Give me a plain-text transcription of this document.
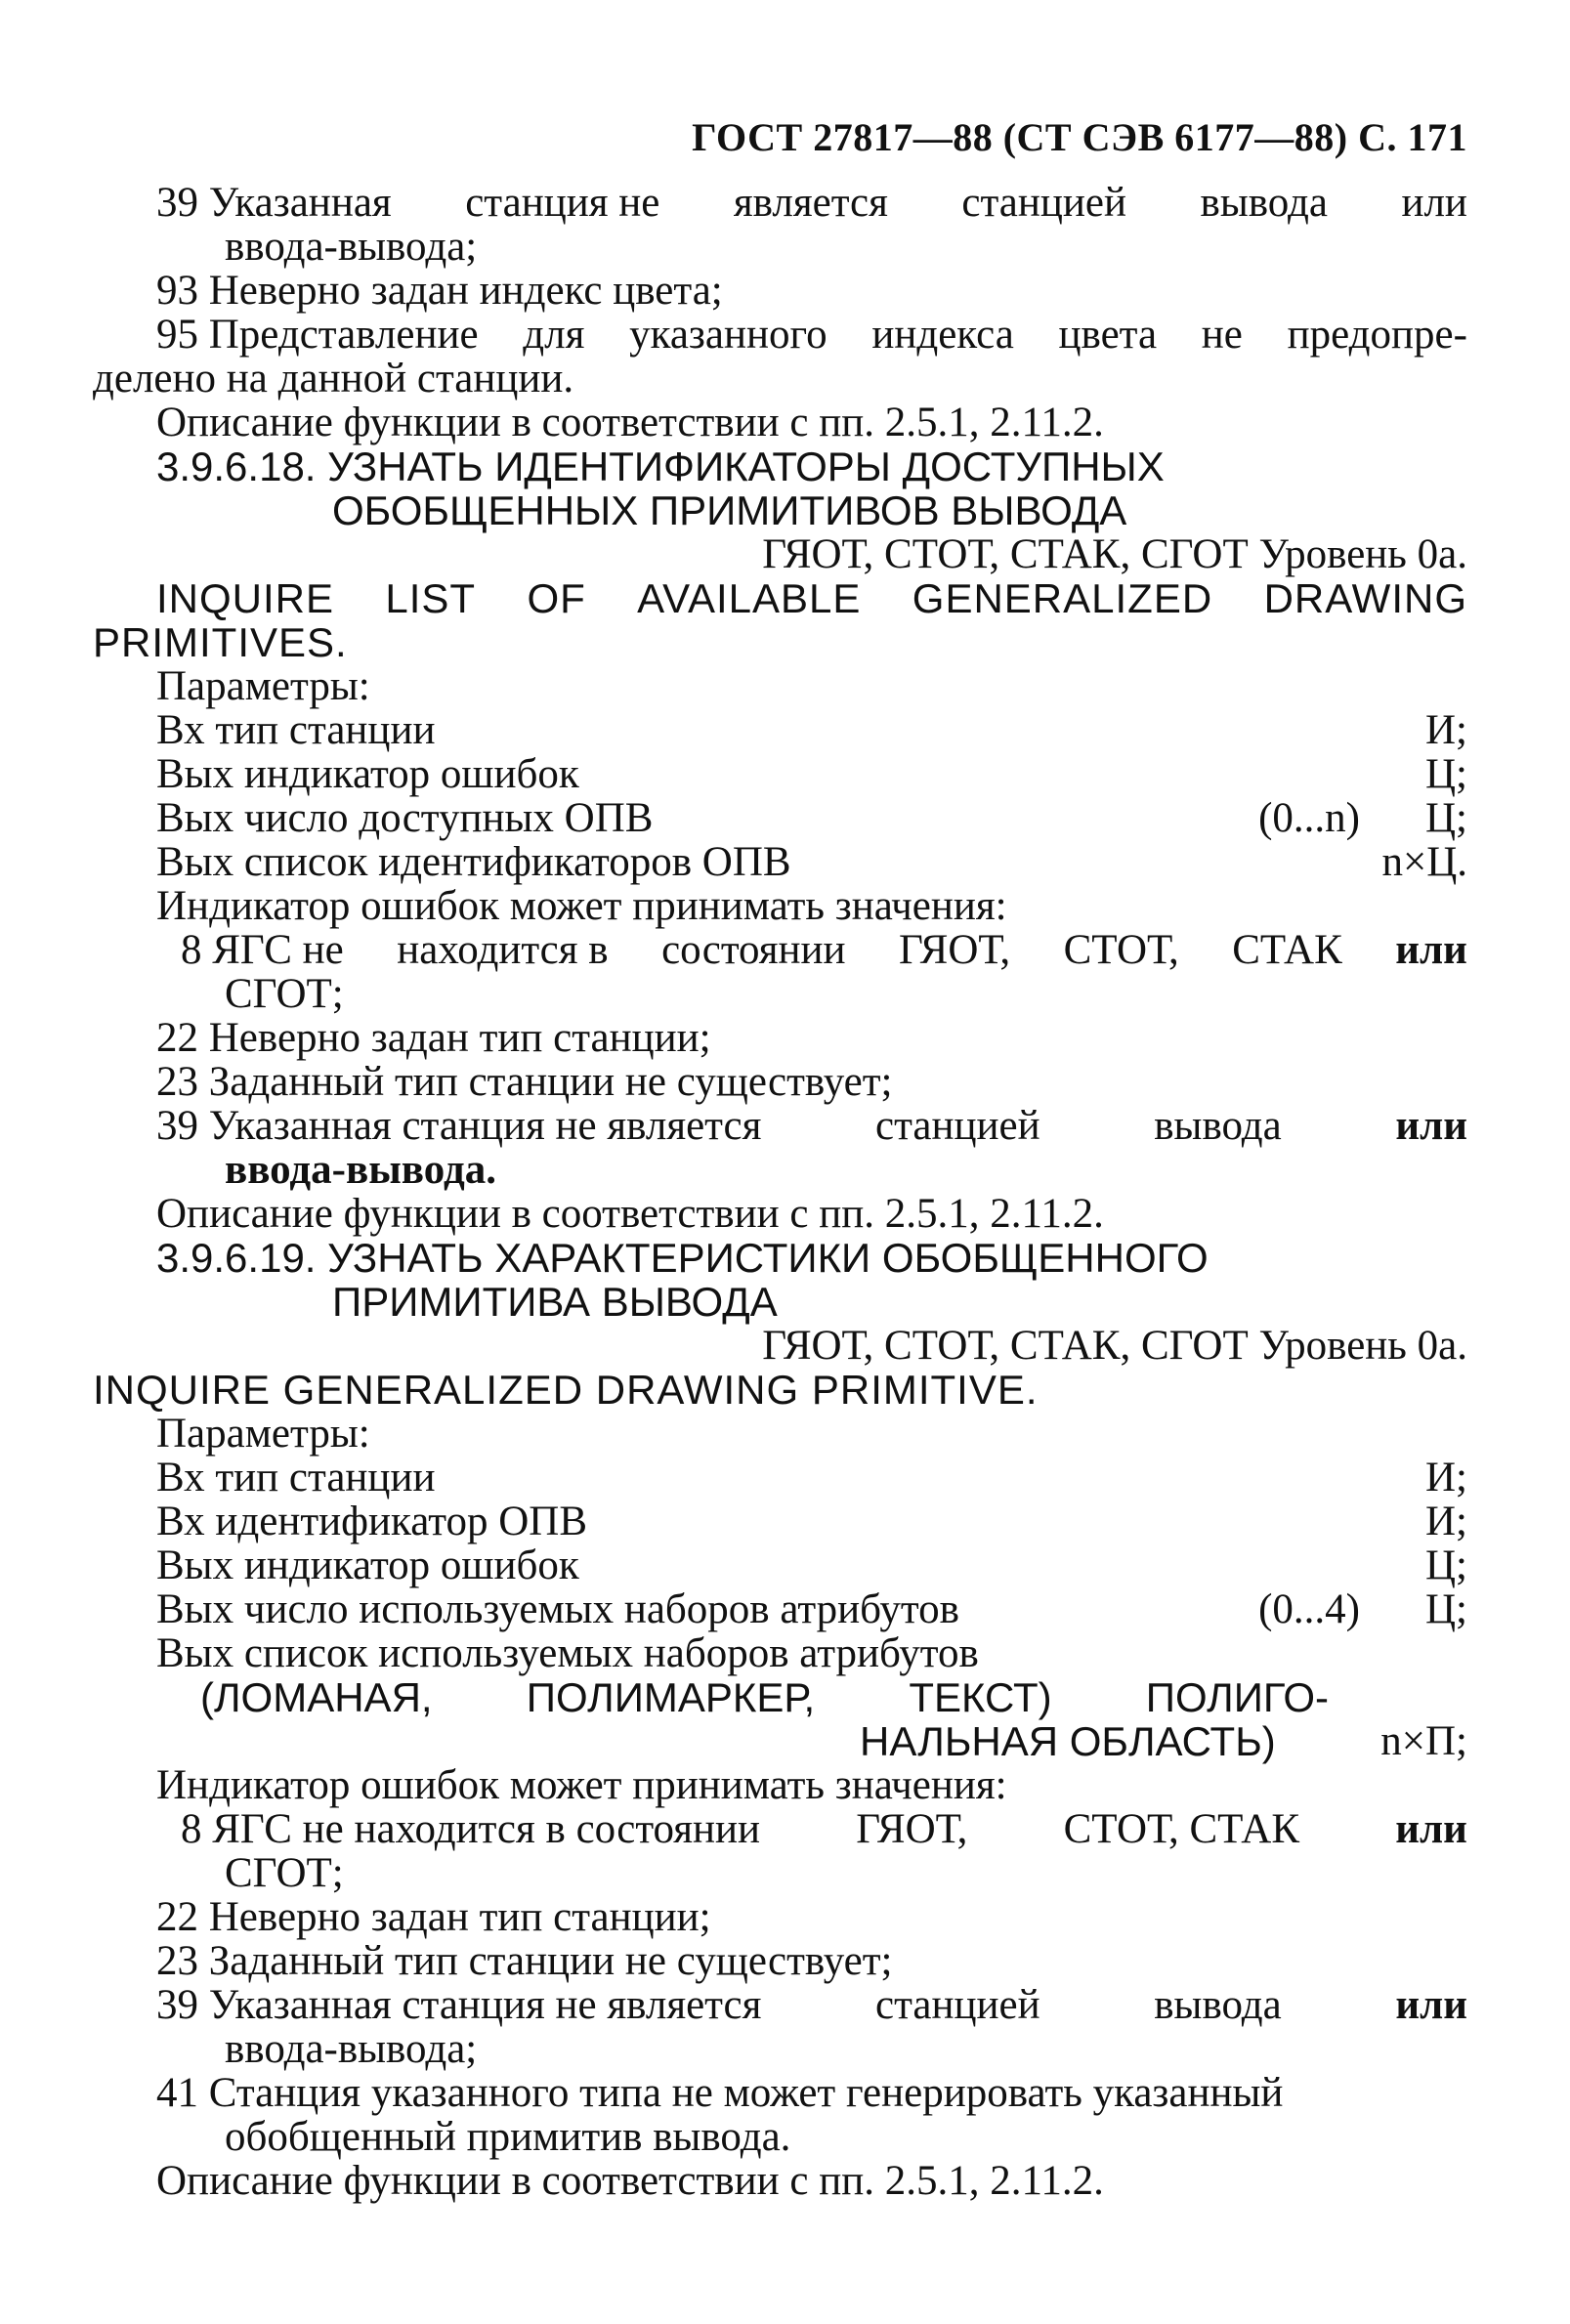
ГОСТ 27817—88 (СТ СЭВ 6177—88) С. 171
39 Указанная станция не является станцией вывода или
ввода-вывода;
93 Неверно задан индекс цвета;
95 Представление для указанного индекса цвета не предопре-
делено на данной станции.
Описание функции в соответствии с пп. 2.5.1, 2.11.2.
3.9.6.18. УЗНАТЬ ИДЕНТИФИКАТОРЫ ДОСТУПНЫХ
ОБОБЩЕННЫХ ПРИМИТИВОВ ВЫВОДА
ГЯОТ, СТОТ, СТАК, СГОТ Уровень 0а.
INQUIRE LIST OF AVAILABLE GENERALIZED DRAWING
PRIMITIVES.
Параметры:
Вх тип станции	И;
Вых индикатор ошибок	Ц;
Вых число доступных ОПВ	(0...n)	Ц;
Вых список идентификаторов ОПВ	n×Ц.
Индикатор ошибок может принимать значения:
8 ЯГС не находится в состоянии ГЯОТ, СТОТ, СТАК или
СГОТ;
22 Неверно задан тип станции;
23 Заданный тип станции не существует;
39 Указанная станция не является	станцией	вывода	или
ввода-вывода.
Описание функции в соответствии с пп. 2.5.1, 2.11.2.
3.9.6.19. УЗНАТЬ ХАРАКТЕРИСТИКИ ОБОБЩЕННОГО
ПРИМИТИВА ВЫВОДА
ГЯОТ, СТОТ, СТАК, СГОТ Уровень 0а.
INQUIRE GENERALIZED DRAWING PRIMITIVE.
Параметры:
Вх тип станции	И;
Вх идентификатор ОПВ	И;
Вых индикатор ошибок	Ц;
Вых число используемых наборов атрибутов	(0...4)	Ц;
Вых список используемых наборов атрибутов
(ЛОМАНАЯ, ПОЛИМАРКЕР, ТЕКСТ) ПОЛИГО-
НАЛЬНАЯ ОБЛАСТЬ) n×П;
Индикатор ошибок может принимать значения:
8 ЯГС не находится в состоянии ГЯОТ, СТОТ, СТАК или
СГОТ;
22 Неверно задан тип станции;
23 Заданный тип станции не существует;
39 Указанная станция не является	станцией	вывода	или
ввода-вывода;
41 Станция указанного типа не может генерировать указанный
обобщенный примитив вывода.
Описание функции в соответствии с пп. 2.5.1, 2.11.2.
